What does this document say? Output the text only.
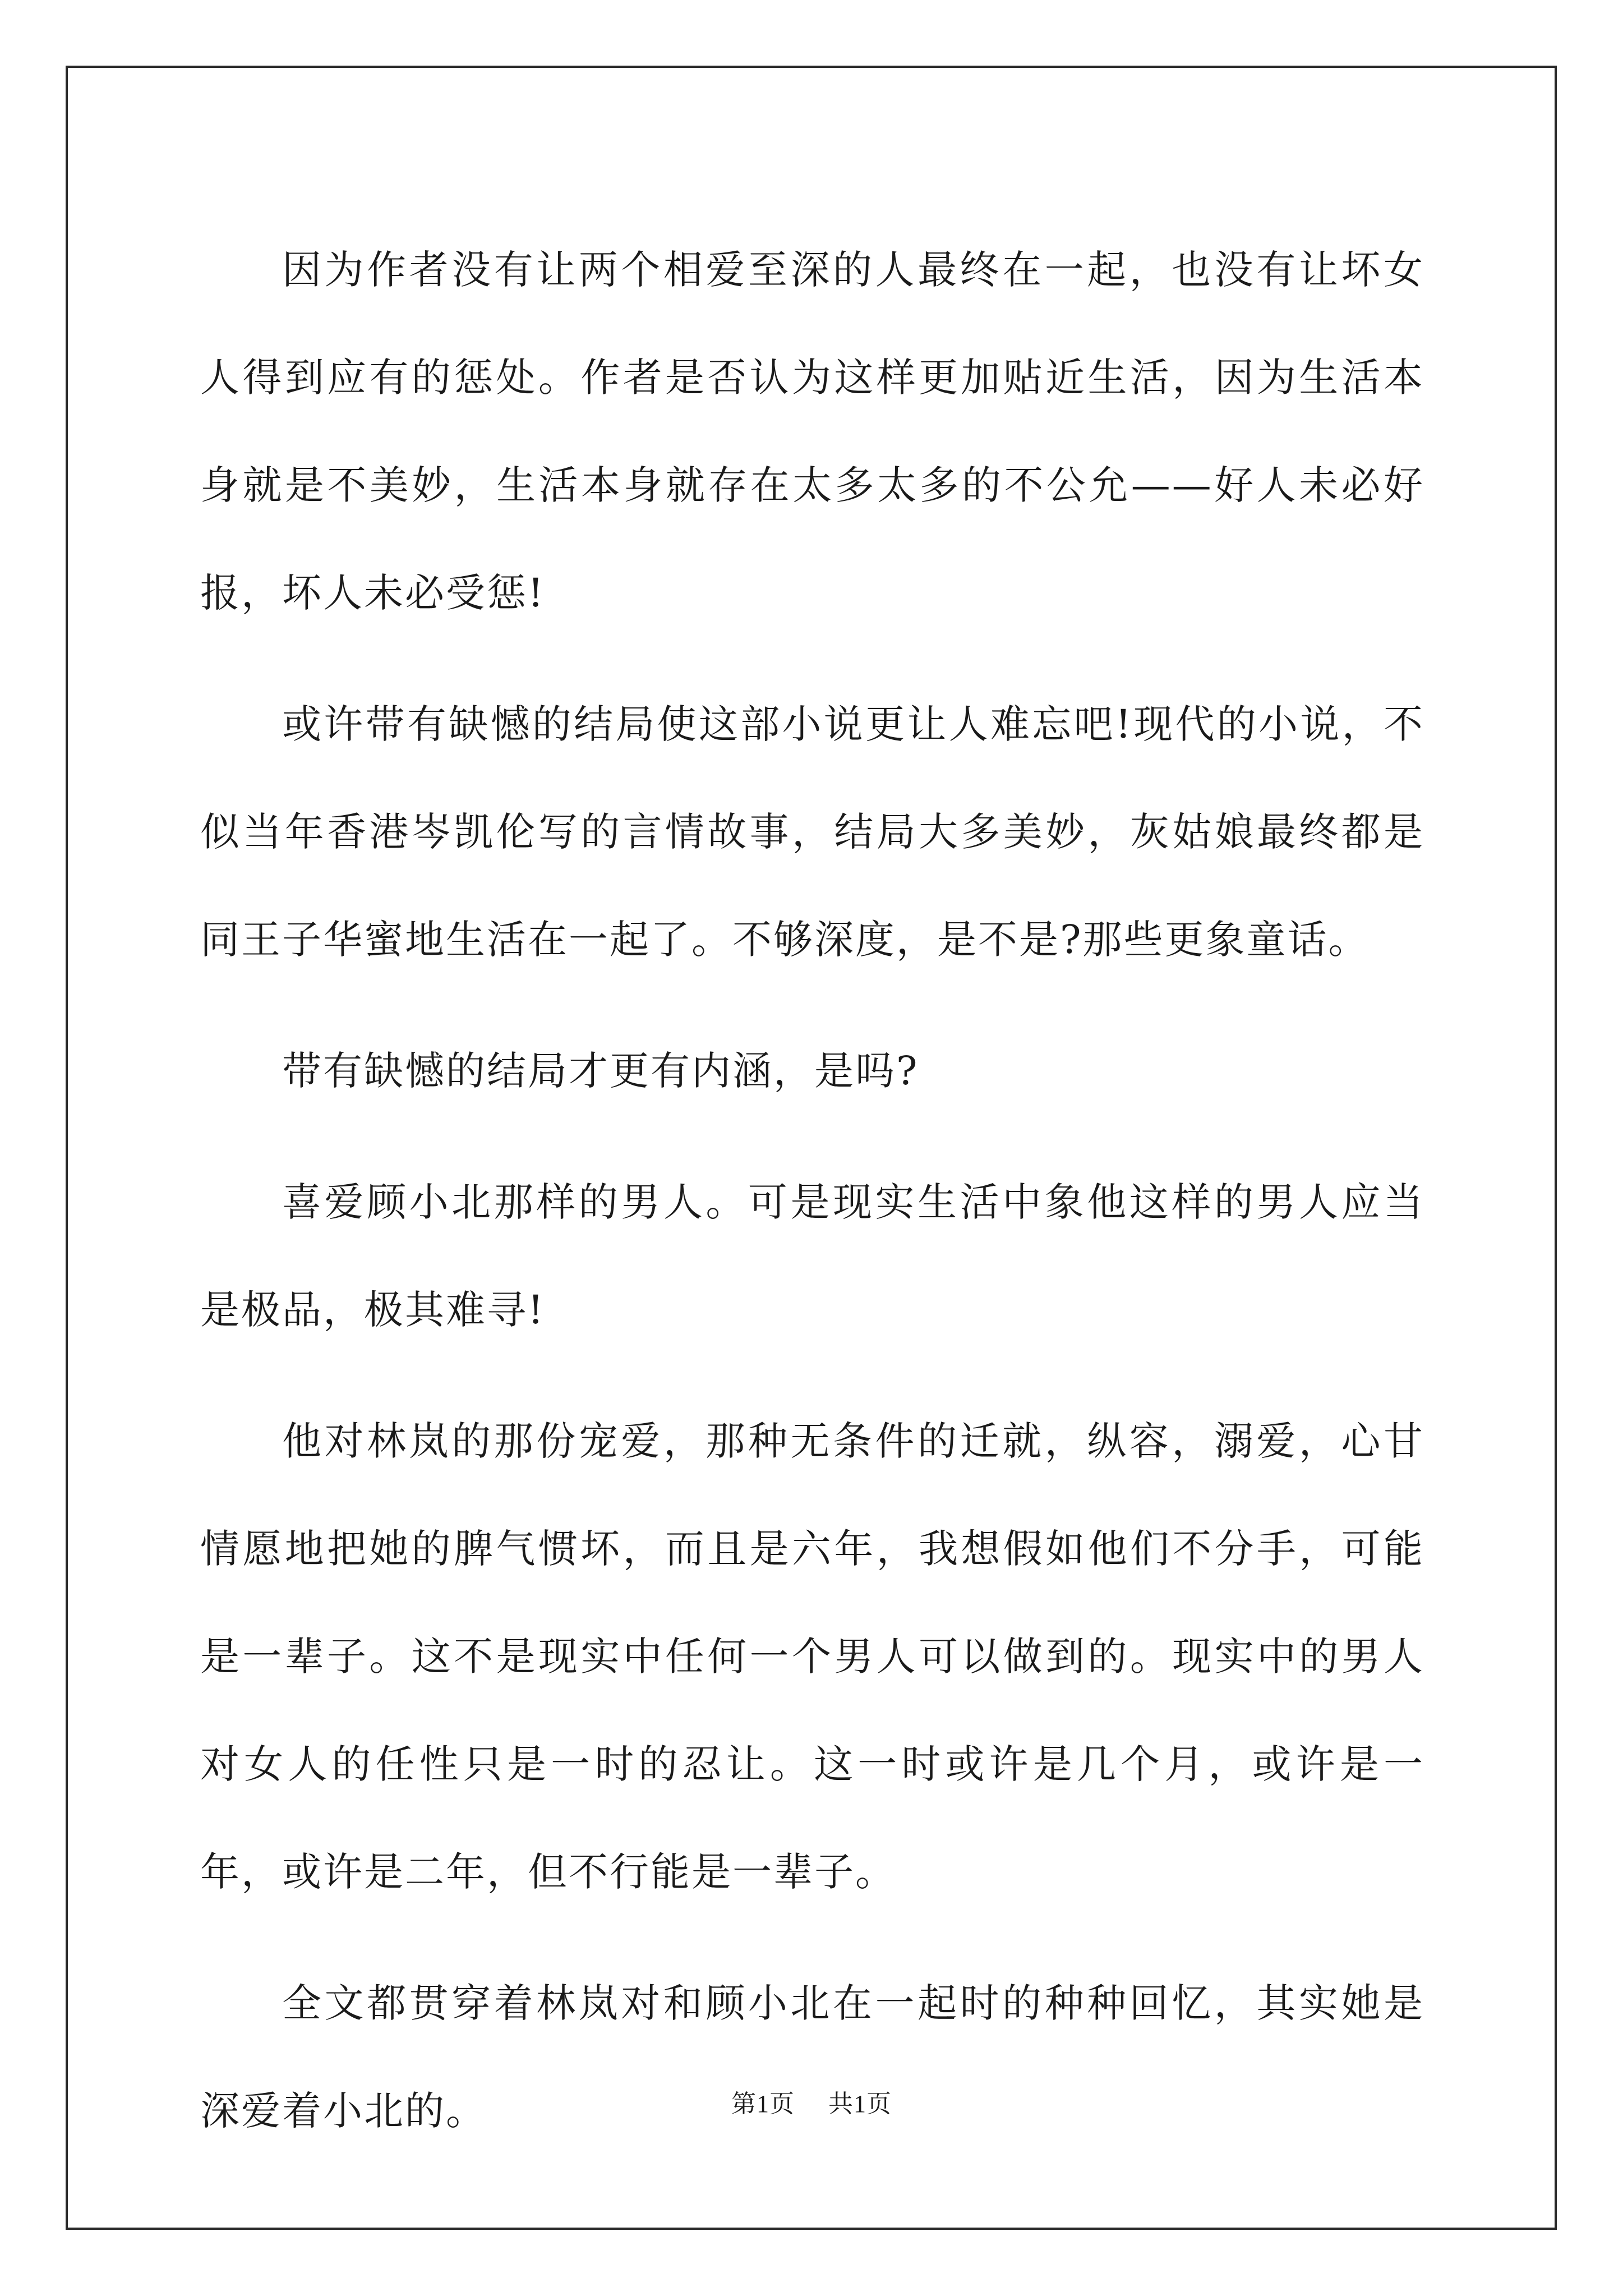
因为作者没有让两个相爱至深的人最终在一起，也没有让坏女人得到应有的惩处。作者是否认为这样更加贴近生活，因为生活本身就是不美妙，生活本身就存在太多太多的不公允——好人未必好报，坏人未必受惩!

或许带有缺憾的结局使这部小说更让人难忘吧!现代的小说，不似当年香港岑凯伦写的言情故事，结局大多美妙，灰姑娘最终都是同王子华蜜地生活在一起了。不够深度，是不是?那些更象童话。

带有缺憾的结局才更有内涵，是吗?

喜爱顾小北那样的男人。可是现实生活中象他这样的男人应当是极品，极其难寻!

他对林岚的那份宠爱，那种无条件的迁就，纵容，溺爱，心甘情愿地把她的脾气惯坏，而且是六年，我想假如他们不分手，可能是一辈子。这不是现实中任何一个男人可以做到的。现实中的男人对女人的任性只是一时的忍让。这一时或许是几个月，或许是一年，或许是二年，但不行能是一辈子。

全文都贯穿着林岚对和顾小北在一起时的种种回忆，其实她是深爱着小北的。	第1页 共1页
